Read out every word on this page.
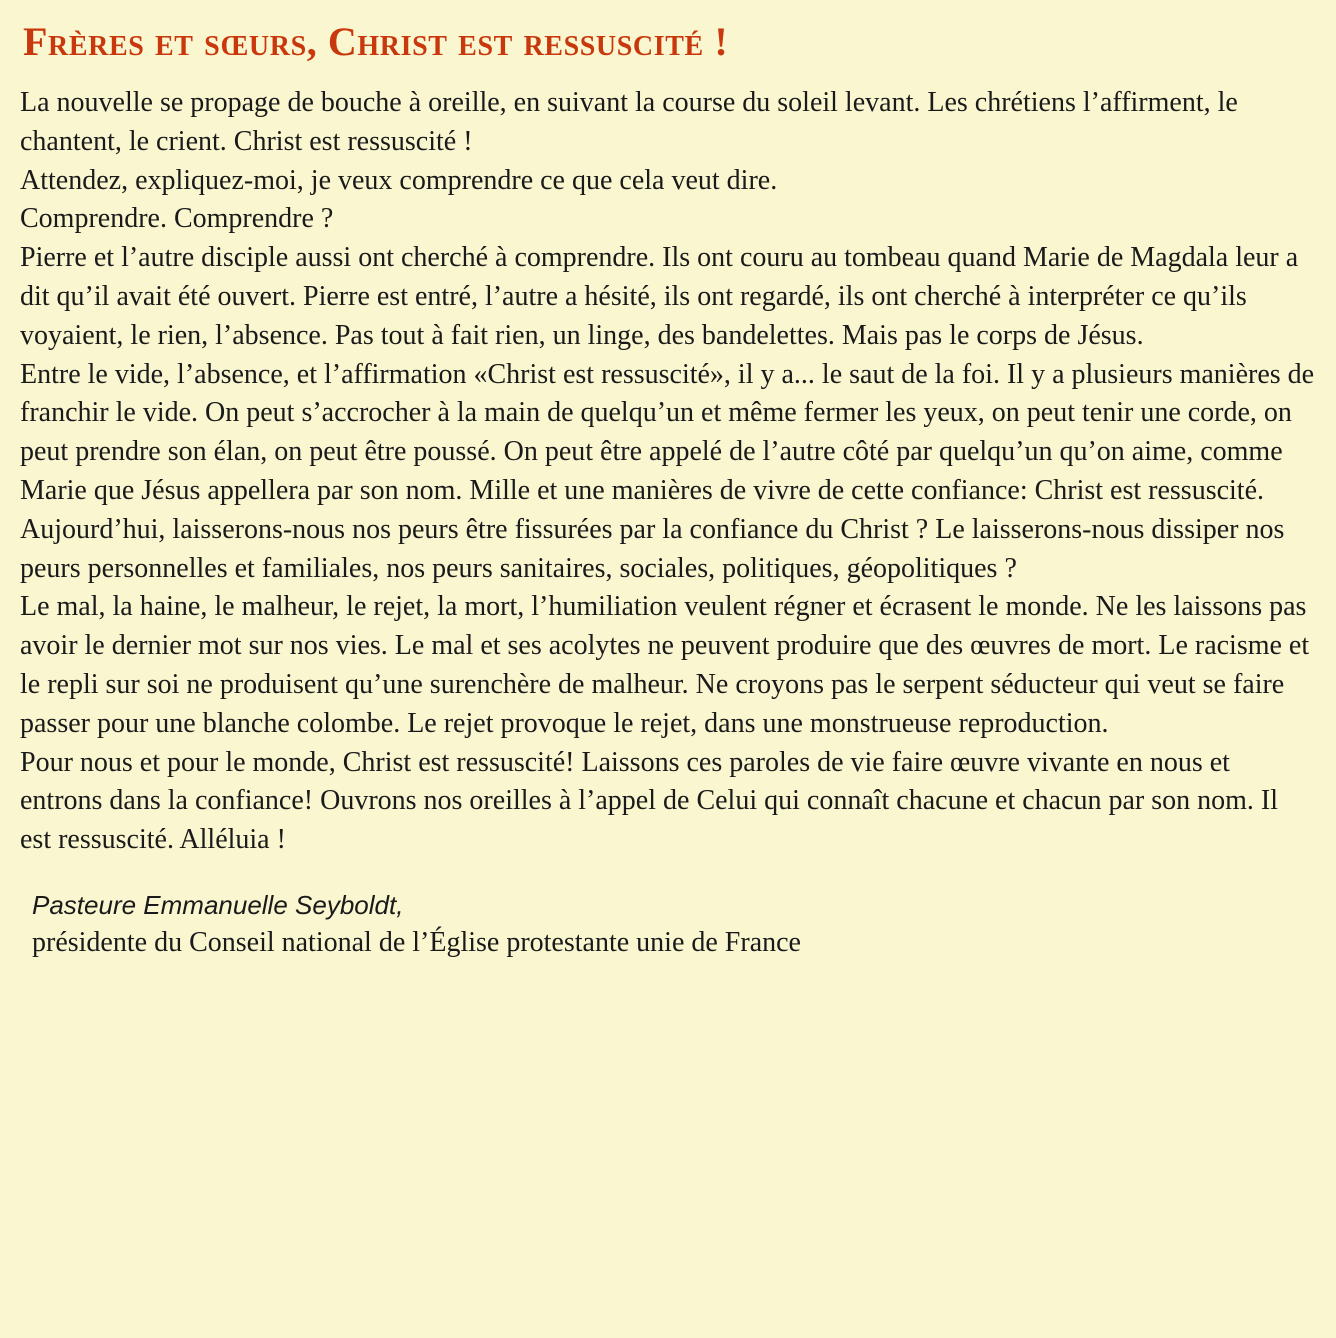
Frères et sœurs, Christ est ressuscité !

La nouvelle se propage de bouche à oreille, en suivant la course du soleil levant. Les chrétiens l’affirment, le chantent, le crient. Christ est ressuscité !

Attendez, expliquez-moi, je veux comprendre ce que cela veut dire.

Comprendre. Comprendre ?

Pierre et l’autre disciple aussi ont cherché à comprendre. Ils ont couru au tombeau quand Marie de Magdala leur a dit qu’il avait été ouvert. Pierre est entré, l’autre a hésité, ils ont regardé, ils ont cherché à interpréter ce qu’ils voyaient, le rien, l’absence. Pas tout à fait rien, un linge, des bandelettes. Mais pas le corps de Jésus.

Entre le vide, l’absence, et l’affirmation «Christ est ressuscité», il y a... le saut de la foi. Il y a plusieurs manières de franchir le vide. On peut s’accrocher à la main de quelqu’un et même fermer les yeux, on peut tenir une corde, on peut prendre son élan, on peut être poussé. On peut être appelé de l’autre côté par quelqu’un qu’on aime, comme Marie que Jésus appellera par son nom. Mille et une manières de vivre de cette confiance: Christ est ressuscité.

Aujourd’hui, laisserons-nous nos peurs être fissurées par la confiance du Christ ? Le laisserons-nous dissiper nos peurs personnelles et familiales, nos peurs sanitaires, sociales, politiques, géopolitiques ?

Le mal, la haine, le malheur, le rejet, la mort, l’humiliation veulent régner et écrasent le monde. Ne les laissons pas avoir le dernier mot sur nos vies. Le mal et ses acolytes ne peuvent produire que des œuvres de mort. Le racisme et le repli sur soi ne produisent qu’une surenchère de malheur. Ne croyons pas le serpent séducteur qui veut se faire passer pour une blanche colombe. Le rejet provoque le rejet, dans une monstrueuse reproduction.

Pour nous et pour le monde, Christ est ressuscité! Laissons ces paroles de vie faire œuvre vivante en nous et entrons dans la confiance! Ouvrons nos oreilles à l’appel de Celui qui connaît chacune et chacun par son nom. Il est ressuscité. Alléluia !

Pasteure Emmanuelle Seyboldt,
présidente du Conseil national de l’Église protestante unie de France
